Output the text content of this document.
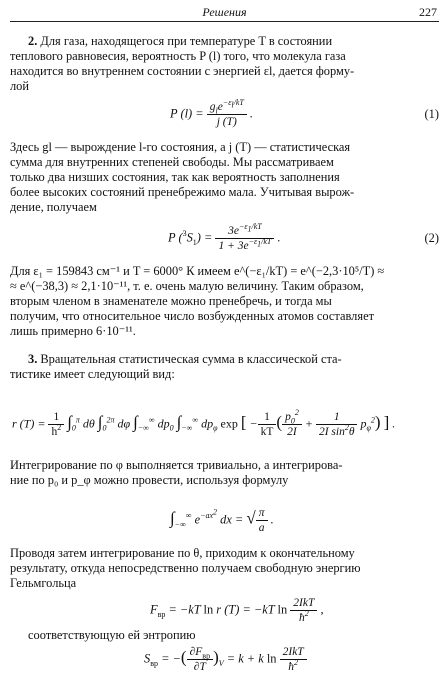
Решения	227
2. Для газа, находящегося при температуре T в состоянии
теплового равновесия, вероятность P (l) того, что молекула газа
находится во внутреннем состоянии с энергией εl, дается форму-
лой
P $(l) = \frac{g_le^{-\varepsilon_l/kT}}{j (T)}$ .	(1)
Здесь gl — вырождение l-го состояния, а j (T) — статистическая
сумма для внутренних степеней свободы. Мы рассматриваем
только два низших состояния, так как вероятность заполнения
более высоких состояний пренебрежимо мала. Учитывая вырож-
дение, получаем
P $(^3S_1) = \frac{3e^{-\varepsilon_1/kT}}{1 + 3e^{-\varepsilon_1/kT}}$ .	(2)
Для ε₁ = 159843 см⁻¹ и T = 6000° К имеем e^(−ε₁/kT) = e^(−2,3·10⁵/T) ≈
≈ e^(−38,3) ≈ 2,1·10⁻¹¹, т. е. очень малую величину. Таким образом,
вторым членом в знаменателе можно пренебречь, и тогда мы
получим, что относительное число возбужденных атомов составляет
лишь примерно 6·10⁻¹¹.
3. Вращательная статистическая сумма в классической ста-
тистике имеет следующий вид:
r $(T) = \frac{1}{h^2} \int_0^\pi$ dθ $\int_0^{2\pi}$ dφ $\int_{-\infty}^\infty$ $dp_0$ $\int_{-\infty}^\infty$ $dp_\varphi$ exp [ − $\frac{1}{kT}$ ( $\frac{p_0^2}{2I} + \frac{1}{2I \sin^2\theta} p_\varphi^2$) ] .
Интегрирование по φ выполняется тривиально, а интегрирова-
ние по p₀ и p_φ можно провести, используя формулу
$\int_{-\infty}^\infty$ $e^{-ax^2}$ dx = √ $\frac{\pi}{a}$ .
Проводя затем интегрирование по θ, приходим к окончательному
результату, откуда непосредственно получаем свободную энергию
Гельмгольца
$F_{вр} = -kT$ ln r (T) = −kT $\ln \frac{\text{2IkT}}{ħ^2}$ ,
соответствующую ей энтропию
$S_{вр}$ = −( $\frac{\partial F_{вр}}{\partial T} )_V = k + k$ $\ln \frac{\text{2IkT}}{ħ^2}$
